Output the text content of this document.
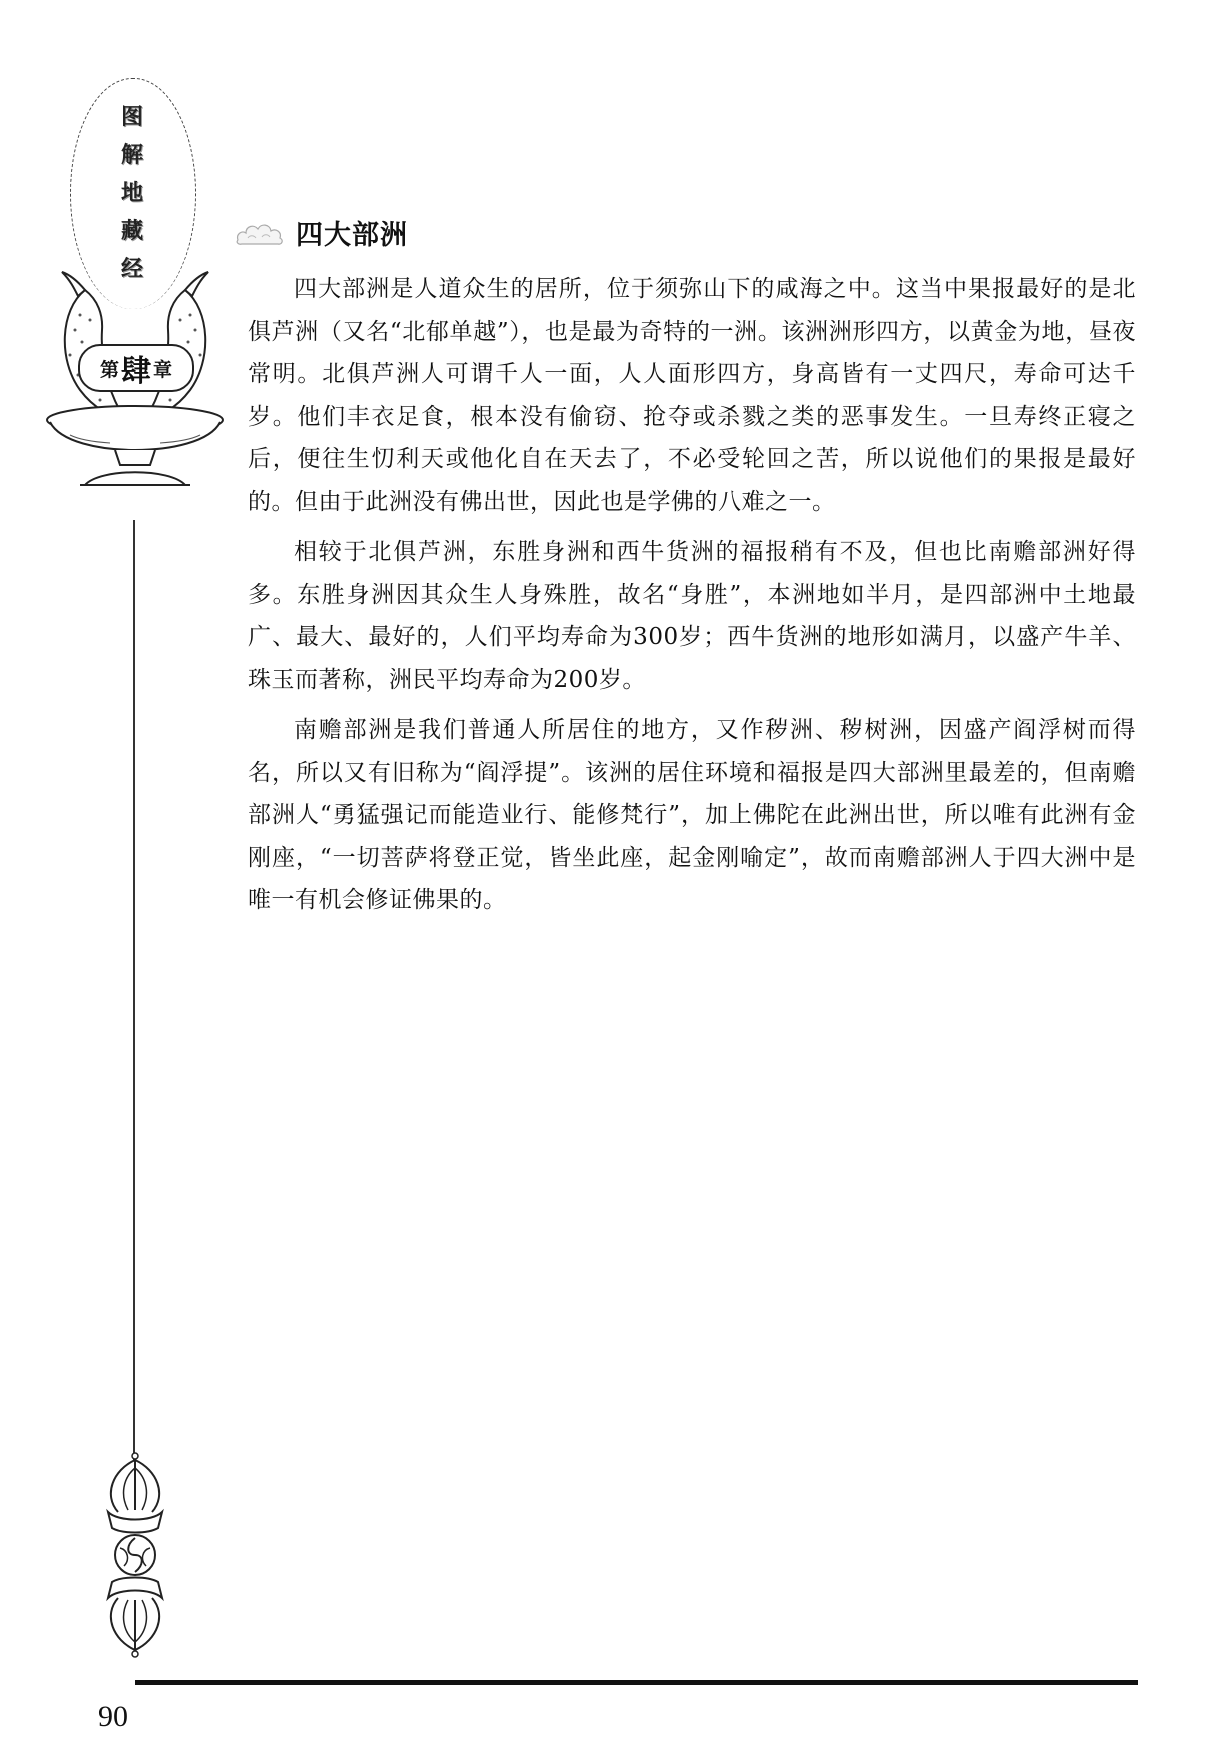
图
解
地
藏
经
第 肆 章
四大部洲

四大部洲是人道众生的居所，位于须弥山下的咸海之中。这当中果报最好的是北俱芦洲（又名“北郁单越”），也是最为奇特的一洲。该洲洲形四方，以黄金为地，昼夜常明。北俱芦洲人可谓千人一面，人人面形四方，身高皆有一丈四尺，寿命可达千岁。他们丰衣足食，根本没有偷窃、抢夺或杀戮之类的恶事发生。一旦寿终正寝之后，便往生忉利天或他化自在天去了，不必受轮回之苦，所以说他们的果报是最好的。但由于此洲没有佛出世，因此也是学佛的八难之一。

相较于北俱芦洲，东胜身洲和西牛货洲的福报稍有不及，但也比南赡部洲好得多。东胜身洲因其众生人身殊胜，故名“身胜”，本洲地如半月，是四部洲中土地最广、最大、最好的，人们平均寿命为300岁；西牛货洲的地形如满月，以盛产牛羊、珠玉而著称，洲民平均寿命为200岁。

南赡部洲是我们普通人所居住的地方，又作秽洲、秽树洲，因盛产阎浮树而得名，所以又有旧称为“阎浮提”。该洲的居住环境和福报是四大部洲里最差的，但南赡部洲人“勇猛强记而能造业行、能修梵行”，加上佛陀在此洲出世，所以唯有此洲有金刚座，“一切菩萨将登正觉，皆坐此座，起金刚喻定”，故而南赡部洲人于四大洲中是唯一有机会修证佛果的。

90
